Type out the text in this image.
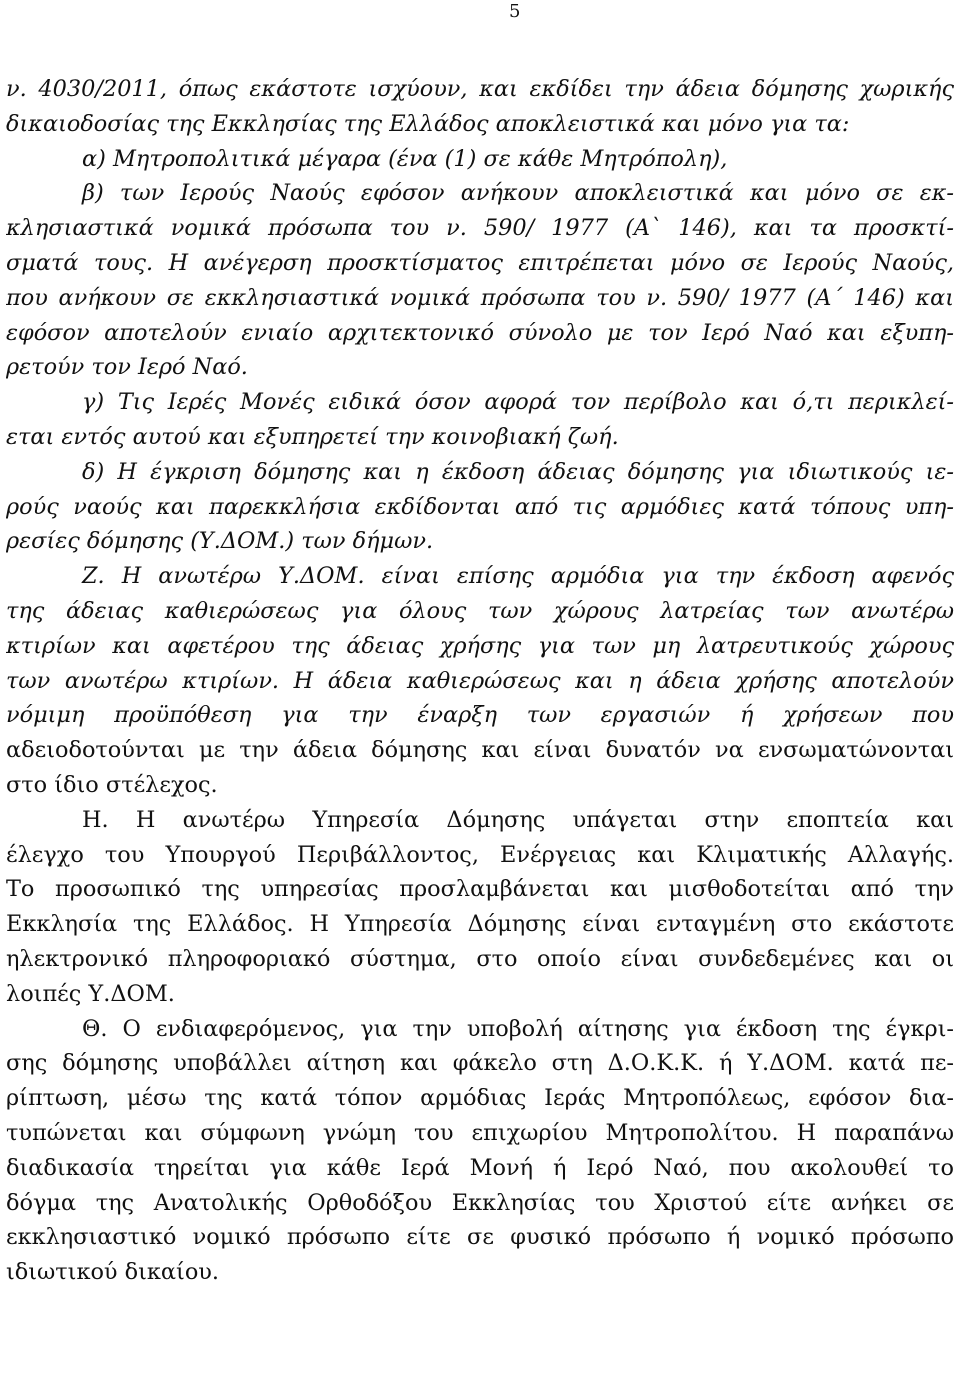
5
ν. 4030/2011, όπως εκάστοτε ισχύουν, και εκδίδει την άδεια δόμησης χωρικής
δικαιοδοσίας της Εκκλησίας της Ελλάδος αποκλειστικά και μόνο για τα:
α) Μητροπολιτικά μέγαρα (ένα (1) σε κάθε Μητρόπολη),
β) των Ιερούς Ναούς εφόσον ανήκουν αποκλειστικά και μόνο σε εκ-
κλησιαστικά νομικά πρόσωπα του ν. 590/ 1977 (Α` 146), και τα προσκτί-
σματά τους. Η ανέγερση προσκτίσματος επιτρέπεται μόνο σε Ιερούς Ναούς,
που ανήκουν σε εκκλησιαστικά νομικά πρόσωπα του ν. 590/ 1977 (Α΄ 146) και
εφόσον αποτελούν ενιαίο αρχιτεκτονικό σύνολο με τον Ιερό Ναό και εξυπη-
ρετούν τον Ιερό Ναό.
γ) Τις Ιερές Μονές ειδικά όσον αφορά τον περίβολο και ό,τι περικλεί-
εται εντός αυτού και εξυπηρετεί την κοινοβιακή ζωή.
δ) Η έγκριση δόμησης και η έκδοση άδειας δόμησης για ιδιωτικούς ιε-
ρούς ναούς και παρεκκλήσια εκδίδονται από τις αρμόδιες κατά τόπους υπη-
ρεσίες δόμησης (Υ.ΔΟΜ.) των δήμων.
Ζ. Η ανωτέρω Υ.ΔΟΜ. είναι επίσης αρμόδια για την έκδοση αφενός
της άδειας καθιερώσεως για όλους των χώρους λατρείας των ανωτέρω
κτιρίων και αφετέρου της άδειας χρήσης για των μη λατρευτικούς χώρους
των ανωτέρω κτιρίων. Η άδεια καθιερώσεως και η άδεια χρήσης αποτελούν
νόμιμη προϋπόθεση για την έναρξη των εργασιών ή χρήσεων που
αδειοδοτούνται με την άδεια δόμησης και είναι δυνατόν να ενσωματώνονται
στο ίδιο στέλεχος.
Η. Η ανωτέρω Υπηρεσία Δόμησης υπάγεται στην εποπτεία και
έλεγχο του Υπουργού Περιβάλλοντος, Ενέργειας και Κλιματικής Αλλαγής.
Το προσωπικό της υπηρεσίας προσλαμβάνεται και μισθοδοτείται από την
Εκκλησία της Ελλάδος. Η Υπηρεσία Δόμησης είναι ενταγμένη στο εκάστοτε
ηλεκτρονικό πληροφοριακό σύστημα, στο οποίο είναι συνδεδεμένες και οι
λοιπές Υ.ΔΟΜ.
Θ. Ο ενδιαφερόμενος, για την υποβολή αίτησης για έκδοση της έγκρι-
σης δόμησης υποβάλλει αίτηση και φάκελο στη Δ.Ο.Κ.Κ. ή Υ.ΔΟΜ. κατά πε-
ρίπτωση, μέσω της κατά τόπον αρμόδιας Ιεράς Μητροπόλεως, εφόσον δια-
τυπώνεται και σύμφωνη γνώμη του επιχωρίου Μητροπολίτου. Η παραπάνω
διαδικασία τηρείται για κάθε Ιερά Μονή ή Ιερό Ναό, που ακολουθεί το
δόγμα της Ανατολικής Ορθοδόξου Εκκλησίας του Χριστού είτε ανήκει σε
εκκλησιαστικό νομικό πρόσωπο είτε σε φυσικό πρόσωπο ή νομικό πρόσωπο
ιδιωτικού δικαίου.
